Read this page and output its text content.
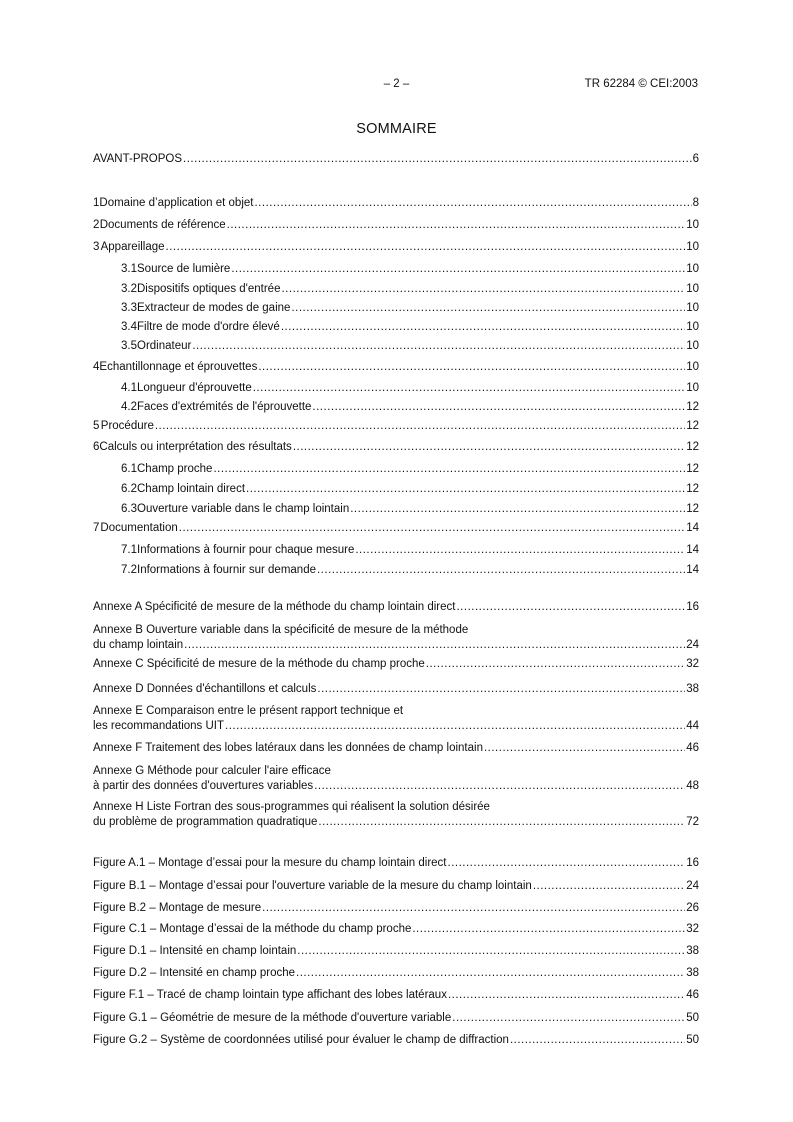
– 2 –	TR 62284 © CEI:2003
SOMMAIRE
AVANT-PROPOS .....	6
1 Domaine d’application et objet .....	8
2 Documents de référence .....	10
3 Appareillage .....	10
3.1 Source de lumière .....	10
3.2 Dispositifs optiques d'entrée .....	10
3.3 Extracteur de modes de gaine .....	10
3.4 Filtre de mode d'ordre élevé .....	10
3.5 Ordinateur .....	10
4 Echantillonnage et éprouvettes .....	10
4.1 Longueur d'éprouvette .....	10
4.2 Faces d'extrémités de l'éprouvette .....	12
5 Procédure .....	12
6 Calculs ou interprétation des résultats .....	12
6.1 Champ proche .....	12
6.2 Champ lointain direct .....	12
6.3 Ouverture variable dans le champ lointain .....	12
7 Documentation .....	14
7.1 Informations à fournir pour chaque mesure .....	14
7.2 Informations à fournir sur demande .....	14
Annexe A Spécificité de mesure de la méthode du champ lointain direct .....	16
Annexe B Ouverture variable dans la spécificité de mesure de la méthode
du champ lointain .....	24
Annexe C Spécificité de mesure de la méthode du champ proche .....	32
Annexe D Données d'échantillons et calculs .....	38
Annexe E Comparaison entre le présent rapport technique et
les recommandations UIT .....	44
Annexe F Traitement des lobes latéraux dans les données de champ lointain .....	46
Annexe G Méthode pour calculer l'aire efficace
à partir des données d'ouvertures variables .....	48
Annexe H Liste Fortran des sous-programmes qui réalisent la solution désirée
du problème de programmation quadratique .....	72
Figure A.1 – Montage d’essai pour la mesure du champ lointain direct .....	16
Figure B.1 – Montage d’essai pour l'ouverture variable de la mesure du champ lointain .....	24
Figure B.2 – Montage de mesure .....	26
Figure C.1 – Montage d’essai de la méthode du champ proche .....	32
Figure D.1 – Intensité en champ lointain .....	38
Figure D.2 – Intensité en champ proche .....	38
Figure F.1 – Tracé de champ lointain type affichant des lobes latéraux .....	46
Figure G.1 – Géométrie de mesure de la méthode d'ouverture variable .....	50
Figure G.2 – Système de coordonnées utilisé pour évaluer le champ de diffraction .....	50
